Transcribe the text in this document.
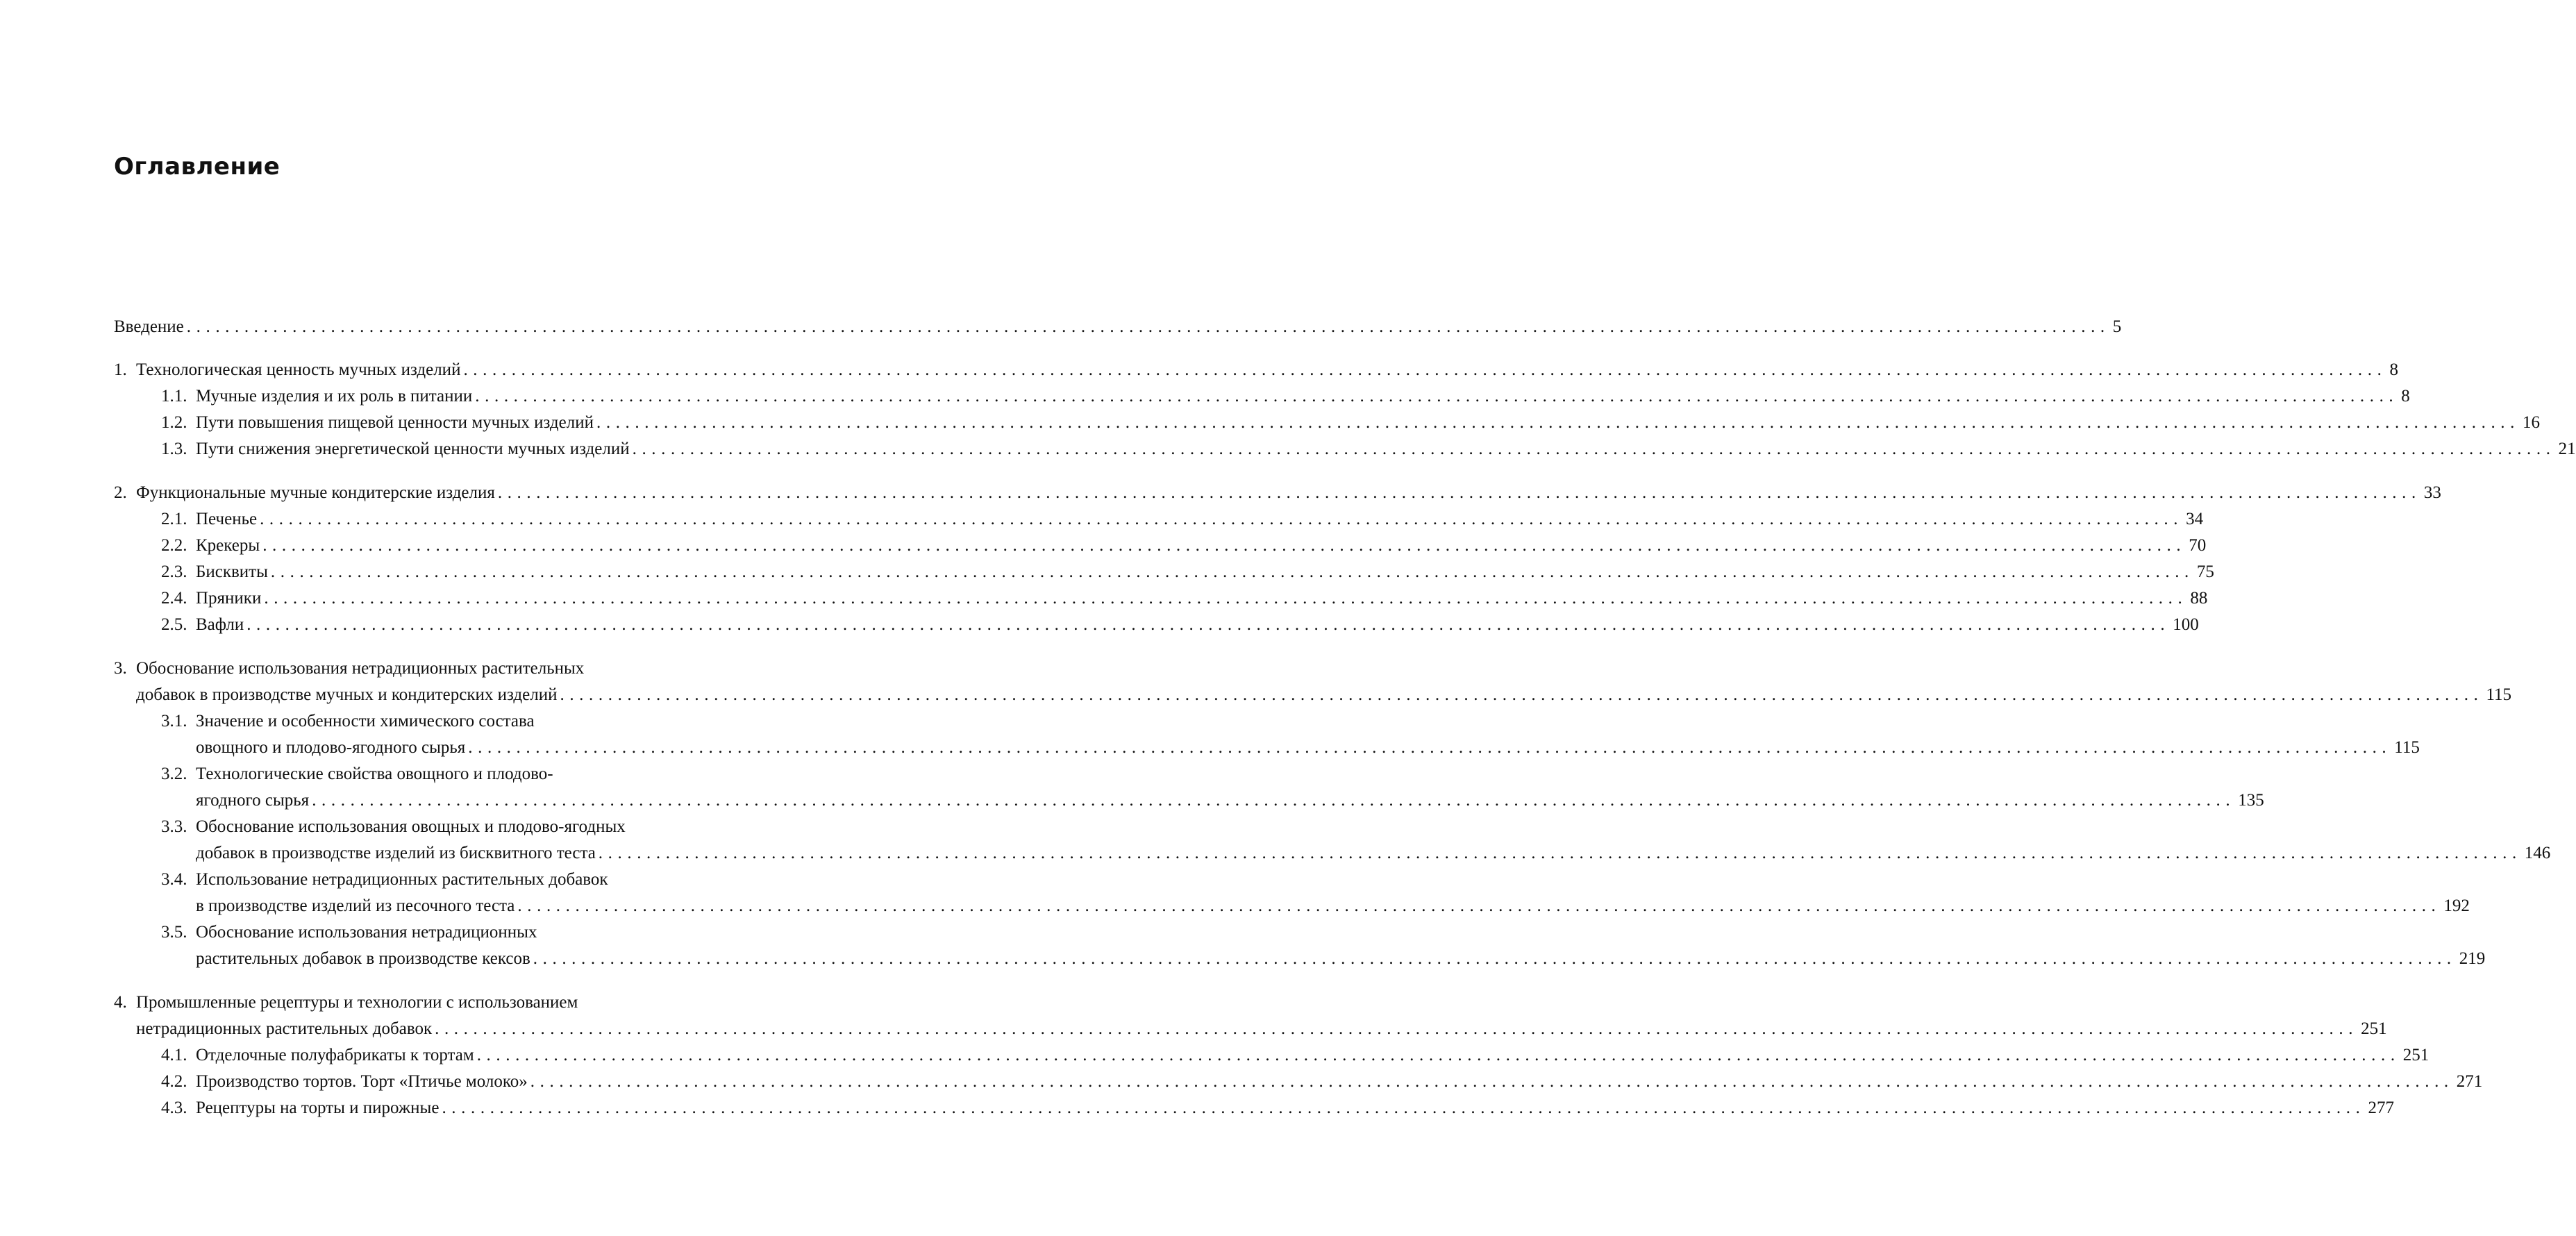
Оглавление
Введение ........................................................................................................................................................................................................ 5
1. Технологическая ценность мучных изделий ........................................................................................................................................................................................................ 8
1.1. Мучные изделия и их роль в питании ........................................................................................................................................................................................................ 8
1.2. Пути повышения пищевой ценности мучных изделий ........................................................................................................................................................................................................ 16
1.3. Пути снижения энергетической ценности мучных изделий ........................................................................................................................................................................................................ 21
2. Функциональные мучные кондитерские изделия ........................................................................................................................................................................................................ 33
2.1. Печенье ........................................................................................................................................................................................................ 34
2.2. Крекеры ........................................................................................................................................................................................................ 70
2.3. Бисквиты ........................................................................................................................................................................................................ 75
2.4. Пряники ........................................................................................................................................................................................................ 88
2.5. Вафли ........................................................................................................................................................................................................ 100
3. Обоснование использования нетрадиционных растительных
добавок в производстве мучных и кондитерских изделий ........................................................................................................................................................................................................ 115
3.1. Значение и особенности химического состава
овощного и плодово-ягодного сырья ........................................................................................................................................................................................................ 115
3.2. Технологические свойства овощного и плодово-
ягодного сырья ........................................................................................................................................................................................................ 135
3.3. Обоснование использования овощных и плодово-ягодных
добавок в производстве изделий из бисквитного теста ........................................................................................................................................................................................................ 146
3.4. Использование нетрадиционных растительных добавок
в производстве изделий из песочного теста ........................................................................................................................................................................................................ 192
3.5. Обоснование использования нетрадиционных
растительных добавок в производстве кексов ........................................................................................................................................................................................................ 219
4. Промышленные рецептуры и технологии с использованием
нетрадиционных растительных добавок ........................................................................................................................................................................................................ 251
4.1. Отделочные полуфабрикаты к тортам ........................................................................................................................................................................................................ 251
4.2. Производство тортов. Торт «Птичье молоко» ........................................................................................................................................................................................................ 271
4.3. Рецептуры на торты и пирожные ........................................................................................................................................................................................................ 277
